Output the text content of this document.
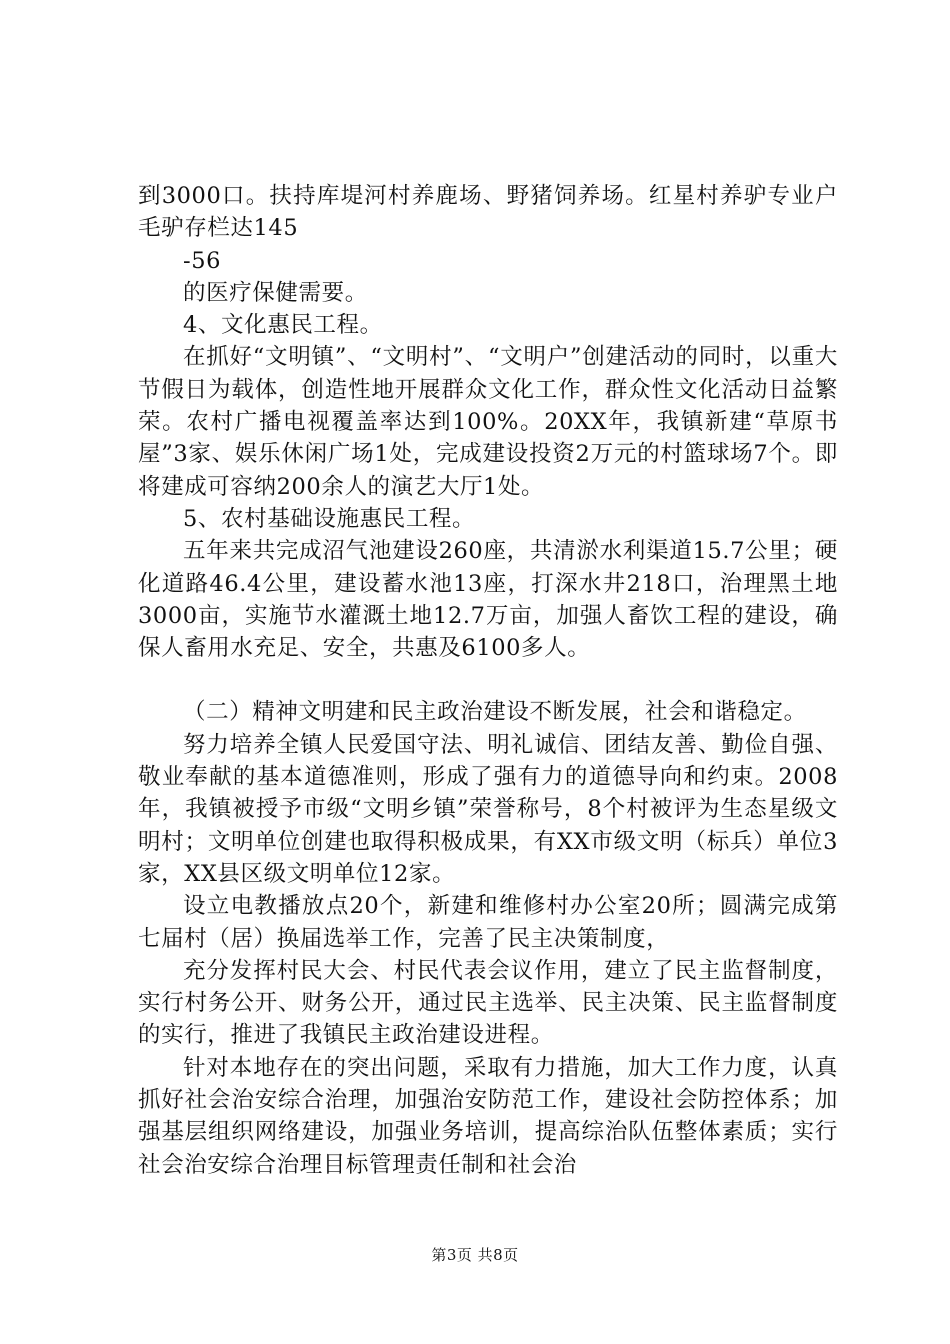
到3000口。扶持库堤河村养鹿场、野猪饲养场。红星村养驴专业户毛驴存栏达145

-56

的医疗保健需要。

4、文化惠民工程。

在抓好“文明镇”、“文明村”、“文明户”创建活动的同时，以重大节假日为载体，创造性地开展群众文化工作，群众性文化活动日益繁荣。农村广播电视覆盖率达到100%。20XX年，我镇新建“草原书屋”3家、娱乐休闲广场1处，完成建设投资2万元的村篮球场7个。即将建成可容纳200余人的演艺大厅1处。

5、农村基础设施惠民工程。

五年来共完成沼气池建设260座，共清淤水利渠道15.7公里；硬化道路46.4公里，建设蓄水池13座，打深水井218口，治理黑土地3000亩，实施节水灌溉土地12.7万亩，加强人畜饮工程的建设，确保人畜用水充足、安全，共惠及6100多人。

（二）精神文明建和民主政治建设不断发展，社会和谐稳定。

努力培养全镇人民爱国守法、明礼诚信、团结友善、勤俭自强、敬业奉献的基本道德准则，形成了强有力的道德导向和约束。2008年，我镇被授予市级“文明乡镇”荣誉称号，8个村被评为生态星级文明村；文明单位创建也取得积极成果，有XX市级文明（标兵）单位3家，XX县区级文明单位12家。

设立电教播放点20个，新建和维修村办公室20所；圆满完成第七届村（居）换届选举工作，完善了民主决策制度，

充分发挥村民大会、村民代表会议作用，建立了民主监督制度，实行村务公开、财务公开，通过民主选举、民主决策、民主监督制度的实行，推进了我镇民主政治建设进程。

针对本地存在的突出问题，采取有力措施，加大工作力度，认真抓好社会治安综合治理，加强治安防范工作，建设社会防控体系；加强基层组织网络建设，加强业务培训，提高综治队伍整体素质；实行社会治安综合治理目标管理责任制和社会治

第3页 共8页
